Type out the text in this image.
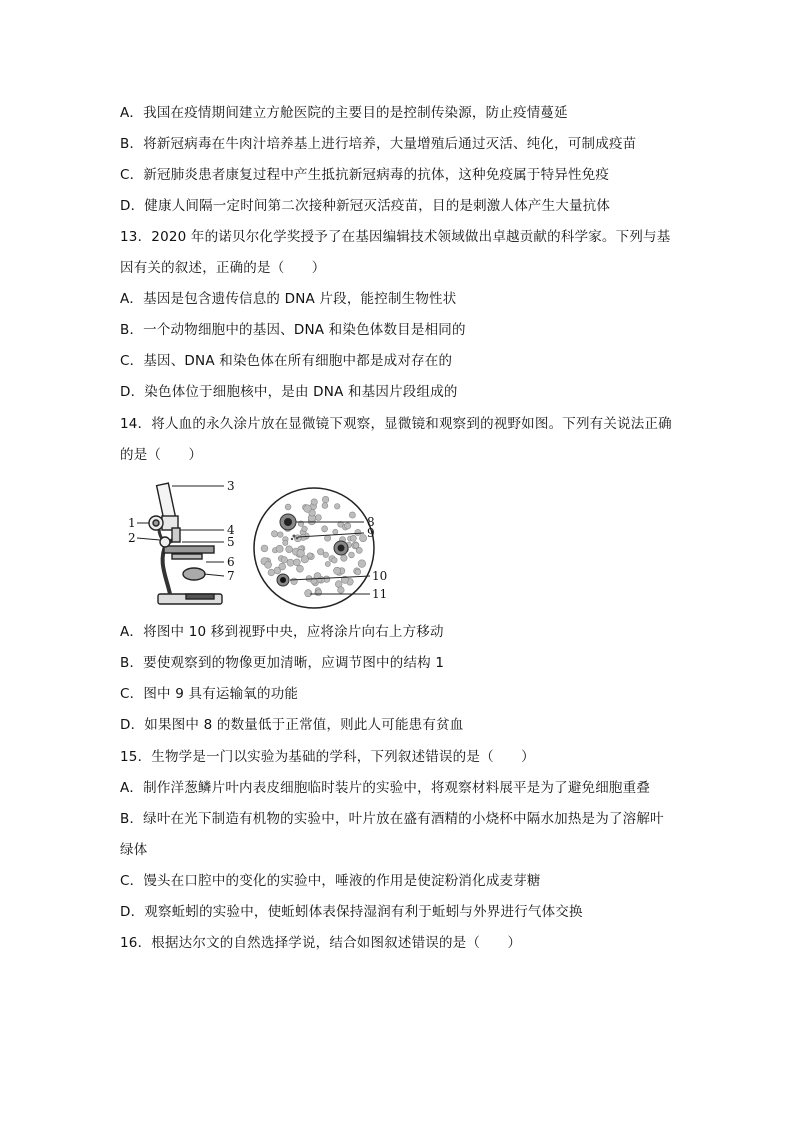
A．我国在疫情期间建立方舱医院的主要目的是控制传染源，防止疫情蔓延
B．将新冠病毒在牛肉汁培养基上进行培养，大量增殖后通过灭活、纯化，可制成疫苗
C．新冠肺炎患者康复过程中产生抵抗新冠病毒的抗体，这种免疫属于特异性免疫
D．健康人间隔一定时间第二次接种新冠灭活疫苗，目的是刺激人体产生大量抗体
13．2020 年的诺贝尔化学奖授予了在基因编辑技术领域做出卓越贡献的科学家。下列与基
因有关的叙述，正确的是（　　）
A．基因是包含遗传信息的 DNA 片段，能控制生物性状
B．一个动物细胞中的基因、DNA 和染色体数目是相同的
C．基因、DNA 和染色体在所有细胞中都是成对存在的
D．染色体位于细胞核中，是由 DNA 和基因片段组成的
14．将人血的永久涂片放在显微镜下观察，显微镜和观察到的视野如图。下列有关说法正确
的是（　　）
3
1
2
4
5
6
7
8
9
10
11
A．将图中 10 移到视野中央，应将涂片向右上方移动
B．要使观察到的物像更加清晰，应调节图中的结构 1
C．图中 9 具有运输氧的功能
D．如果图中 8 的数量低于正常值，则此人可能患有贫血
15．生物学是一门以实验为基础的学科，下列叙述错误的是（　　）
A．制作洋葱鳞片叶内表皮细胞临时装片的实验中，将观察材料展平是为了避免细胞重叠
B．绿叶在光下制造有机物的实验中，叶片放在盛有酒精的小烧杯中隔水加热是为了溶解叶
绿体
C．馒头在口腔中的变化的实验中，唾液的作用是使淀粉消化成麦芽糖
D．观察蚯蚓的实验中，使蚯蚓体表保持湿润有利于蚯蚓与外界进行气体交换
16．根据达尔文的自然选择学说，结合如图叙述错误的是（　　）
